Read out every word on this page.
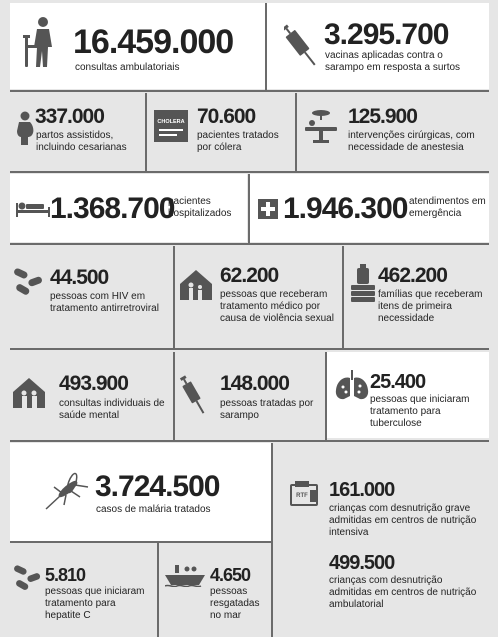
16.459.000
consultas ambulatoriais
3.295.700
vacinas aplicadas contra o sarampo em resposta a surtos
337.000
partos assistidos, incluindo cesarianas
CHOLERA 70.600
pacientes tratados por cólera
125.900
intervenções cirúrgicas, com necessidade de anestesia
1.368.700
pacientes hospitalizados	1.946.300 atendimentos em emergência
44.500
pessoas com HIV em tratamento antirretroviral
62.200
pessoas que receberam tratamento médico por causa de violência sexual
462.200
famílias que receberam itens de primeira necessidade
493.900
consultas individuais de saúde mental
148.000
pessoas tratadas por sarampo
25.400
pessoas que iniciaram tratamento para tuberculose
3.724.500
casos de malária tratados
RTF 161.000
crianças com desnutrição grave admitidas em centros de nutrição intensiva
5.810
pessoas que iniciaram tratamento para hepatite C
4.650
pessoas resgatadas no mar
499.500
crianças com desnutrição admitidas em centros de nutrição ambulatorial
